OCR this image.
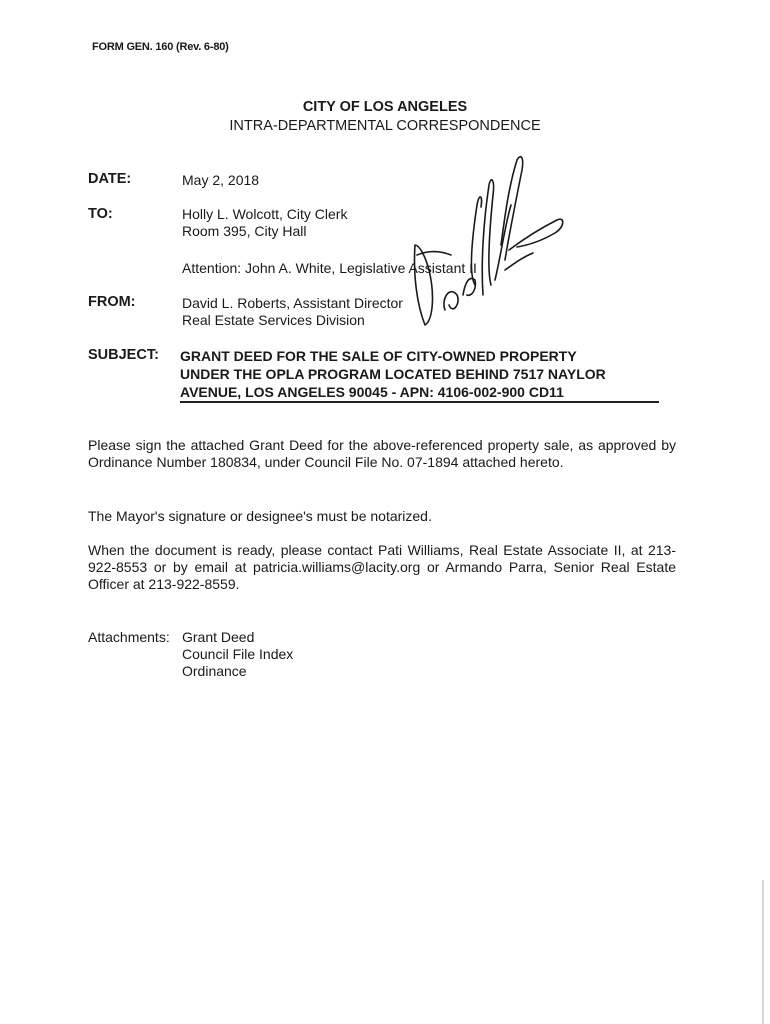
FORM GEN. 160 (Rev. 6-80)
CITY OF LOS ANGELES
INTRA-DEPARTMENTAL CORRESPONDENCE
DATE:	May 2, 2018
TO:	Holly L. Wolcott, City Clerk
Room 395, City Hall
Attention: John A. White, Legislative Assistant II
FROM:	David L. Roberts, Assistant Director
Real Estate Services Division
SUBJECT: GRANT DEED FOR THE SALE OF CITY-OWNED PROPERTY
UNDER THE OPLA PROGRAM LOCATED BEHIND 7517 NAYLOR
AVENUE, LOS ANGELES 90045 - APN: 4106-002-900 CD11
Please sign the attached Grant Deed for the above-referenced property sale, as approved by Ordinance Number 180834, under Council File No. 07-1894 attached hereto.
The Mayor's signature or designee's must be notarized.
When the document is ready, please contact Pati Williams, Real Estate Associate II, at 213-922-8553 or by email at patricia.williams@lacity.org or Armando Parra, Senior Real Estate Officer at 213-922-8559.
Attachments: Grant Deed
Council File Index
Ordinance
